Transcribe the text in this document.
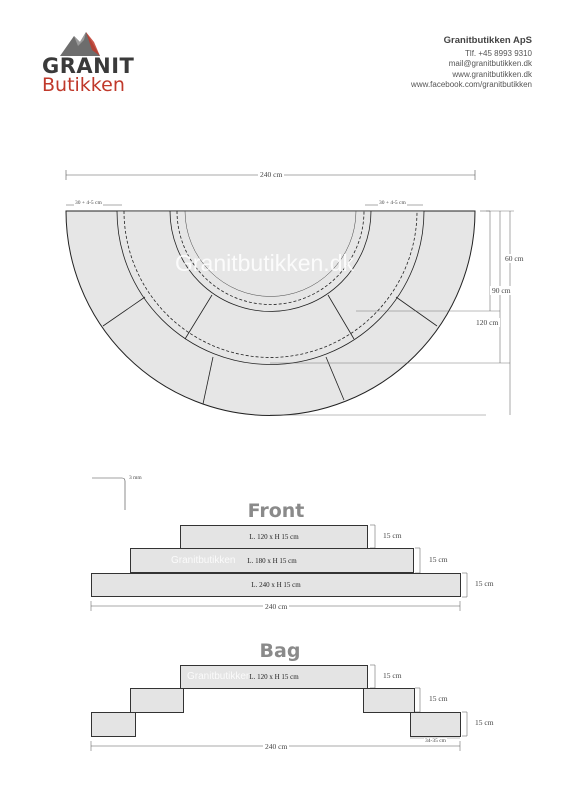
GRANIT
Butikken
Granitbutikken ApS
Tlf. +45 8993 9310
mail@granitbutikken.dk
www.granitbutikken.dk
www.facebook.com/granitbutikken
240 cm
30 + 4-5 cm	30 + 4-5 cm
Granitbutikken.dk	60 cm
90 cm
120 cm
3 mm
Front
L. 120 x H 15 cm
Granitbutikken	L. 180 x H 15 cm
L. 240 x H 15 cm
15 cm
15 cm
15 cm
240 cm
Bag
Granitbutikken
L. 120 x H 15 cm	15 cm
15 cm
15 cm
34-35 cm
240 cm
